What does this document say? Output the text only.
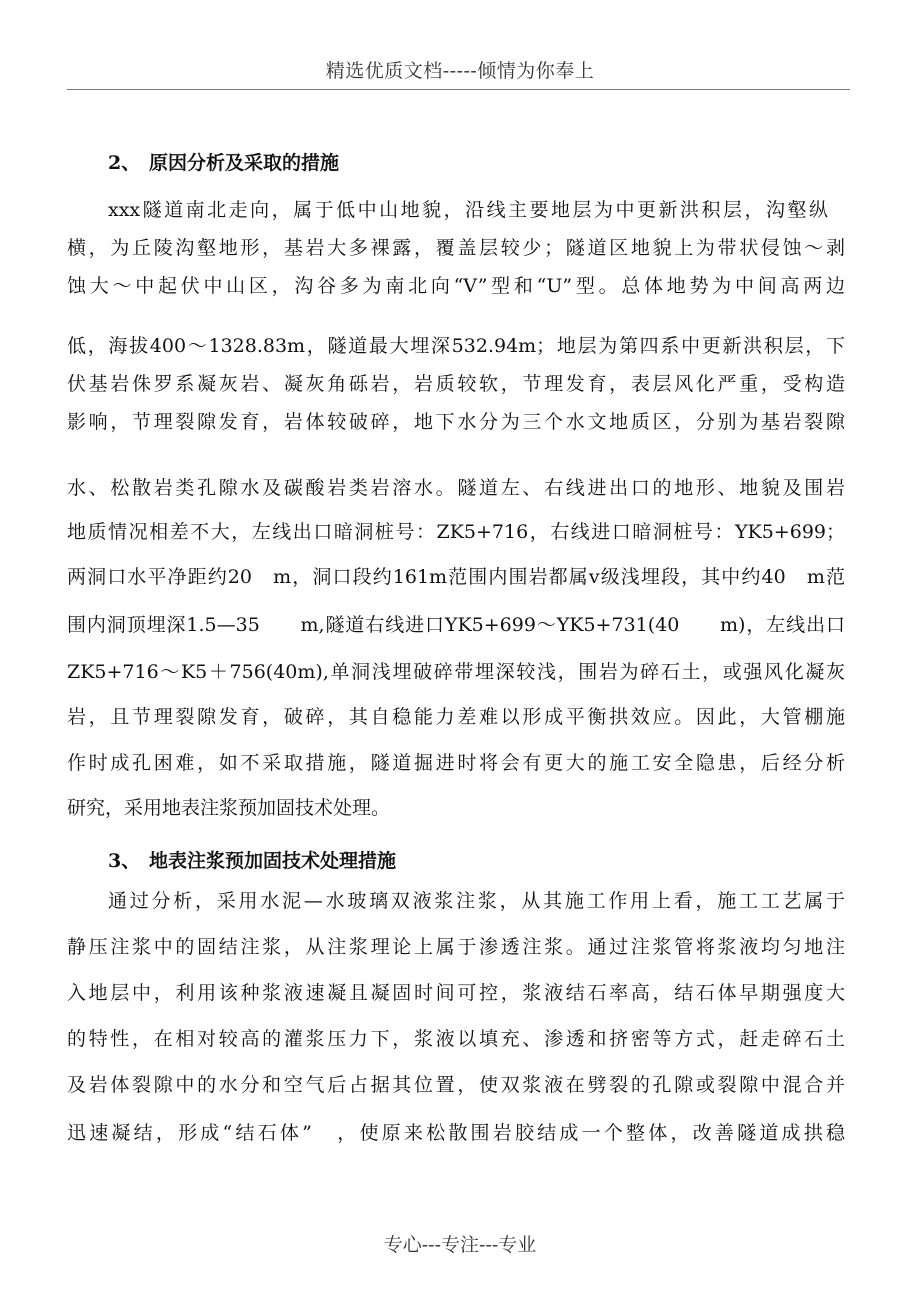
精选优质文档-----倾情为你奉上
2、 原因分析及采取的措施
xxx隧道南北走向，属于低中山地貌，沿线主要地层为中更新洪积层，沟壑纵
横，为丘陵沟壑地形，基岩大多裸露，覆盖层较少；隧道区地貌上为带状侵蚀～剥
蚀大～中起伏中山区，沟谷多为南北向“V”型和“U”型。总体地势为中间高两边
低，海拔400～1328.83m，隧道最大埋深532.94m；地层为第四系中更新洪积层，下
伏基岩侏罗系凝灰岩、凝灰角砾岩，岩质较软，节理发育，表层风化严重，受构造
影响，节理裂隙发育，岩体较破碎，地下水分为三个水文地质区，分别为基岩裂隙
水、松散岩类孔隙水及碳酸岩类岩溶水。隧道左、右线进出口的地形、地貌及围岩
地质情况相差不大，左线出口暗洞桩号：ZK5+716，右线进口暗洞桩号：YK5+699；
两洞口水平净距约20　m，洞口段约161m范围内围岩都属v级浅埋段，其中约40　m范
围内洞顶埋深1.5—35　　m,隧道右线进口YK5+699～YK5+731(40　　m)，左线出口
ZK5+716～K5＋756(40m),单洞浅埋破碎带埋深较浅，围岩为碎石土，或强风化凝灰
岩，且节理裂隙发育，破碎，其自稳能力差难以形成平衡拱效应。因此，大管棚施
作时成孔困难，如不采取措施，隧道掘进时将会有更大的施工安全隐患，后经分析
研究，采用地表注浆预加固技术处理。
3、 地表注浆预加固技术处理措施
通过分析，采用水泥—水玻璃双液浆注浆，从其施工作用上看，施工工艺属于
静压注浆中的固结注浆，从注浆理论上属于渗透注浆。通过注浆管将浆液均匀地注
入地层中，利用该种浆液速凝且凝固时间可控，浆液结石率高，结石体早期强度大
的特性，在相对较高的灌浆压力下，浆液以填充、渗透和挤密等方式，赶走碎石土
及岩体裂隙中的水分和空气后占据其位置，使双浆液在劈裂的孔隙或裂隙中混合并
迅速凝结，形成“结石体”　，使原来松散围岩胶结成一个整体，改善隧道成拱稳
专心---专注---专业
